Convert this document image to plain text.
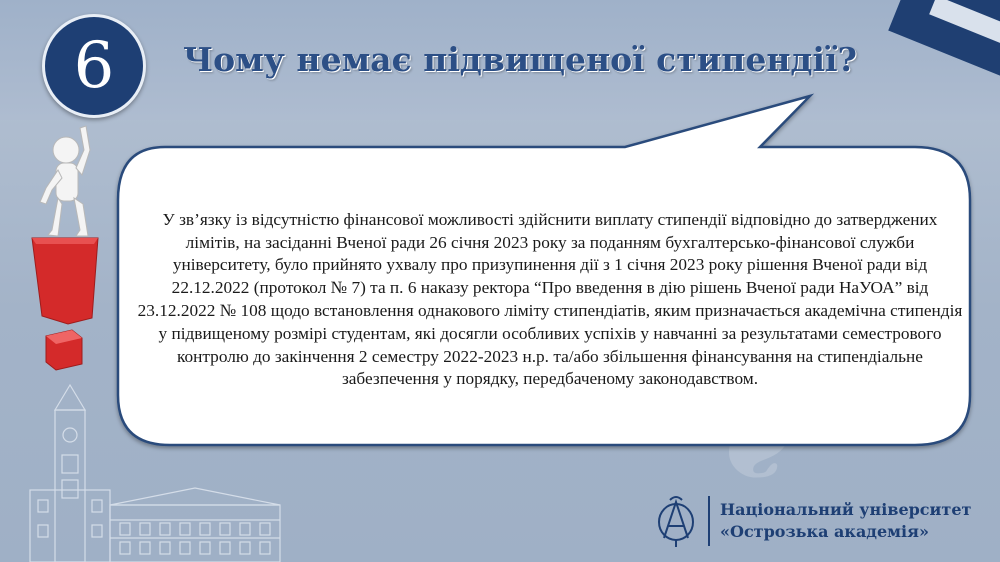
У зв’язку із відсутністю фінансової можливості здійснити виплату стипендії відповідно до затверджених лімітів, на засіданні Вченої ради 26 січня 2023 року за поданням бухгалтерсько-фінансової служби університету, було прийнято ухвалу про призупинення дії з 1 січня 2023 року рішення Вченої ради від 22.12.2022 (протокол № 7) та п. 6 наказу ректора “Про введення в дію рішень Вченої ради НаУОА” від 23.12.2022 № 108 щодо встановлення однакового ліміту стипендіатів, яким призначається академічна стипендія у підвищеному розмірі студентам, які досягли особливих успіхів у навчанні за результатами семестрового контролю до закінчення 2 семестру 2022-2023 н.р. та/або збільшення фінансування на стипендіальне забезпечення у порядку, передбаченому законодавством.

6 Чому немає підвищеної стипендії?
Національний університет
«Острозька академія»
